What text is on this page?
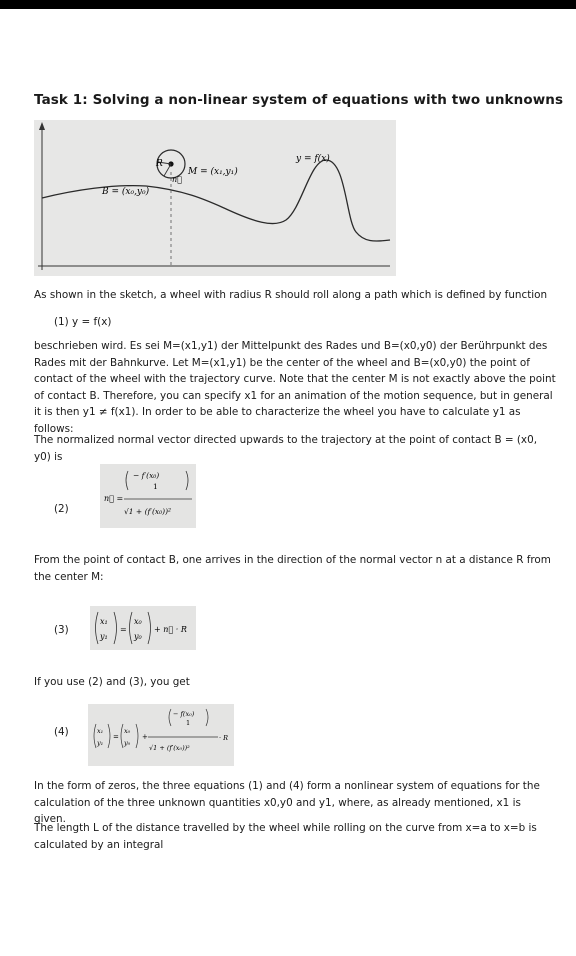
Task 1: Solving a non-linear system of equations with two unknowns
R
n⃗
M = (x₁,y₁)
B = (x₀,y₀)
y = f(x)
As shown in the sketch, a wheel with radius R should roll along a path which is defined by function
(1) y = f(x)
beschrieben wird. Es sei M=(x1,y1) der Mittelpunkt des Rades und B=(x0,y0) der Berührpunkt des Rades mit der Bahnkurve. Let M=(x1,y1) be the center of the wheel and B=(x0,y0) the point of contact of the wheel with the trajectory curve. Note that the center M is not exactly above the point of contact B. Therefore, you can specify x1 for an animation of the motion sequence, but in general it is then y1 ≠ f(x1). In order to be able to characterize the wheel you have to calculate y1 as follows:
The normalized normal vector directed upwards to the trajectory at the point of contact B = (x0, y0) is
(2)
n⃗ =
− f′(x₀)
1
√1 + (f′(x₀))²
From the point of contact B, one arrives in the direction of the normal vector n at a distance R from the center M:
(3)
x₁
y₁
=
x₀
y₀
+ n⃗ · R
If you use (2) and (3), you get
(4)	x₁
y₁
=
x₀
y₀
+
− f(x₀)
1
√1 + (f′(x₀))²
· R
In the form of zeros, the three equations (1) and (4) form a nonlinear system of equations for the calculation of the three unknown quantities x0,y0 and y1, where, as already mentioned, x1 is given.
The length L of the distance travelled by the wheel while rolling on the curve from x=a to x=b is calculated by an integral
